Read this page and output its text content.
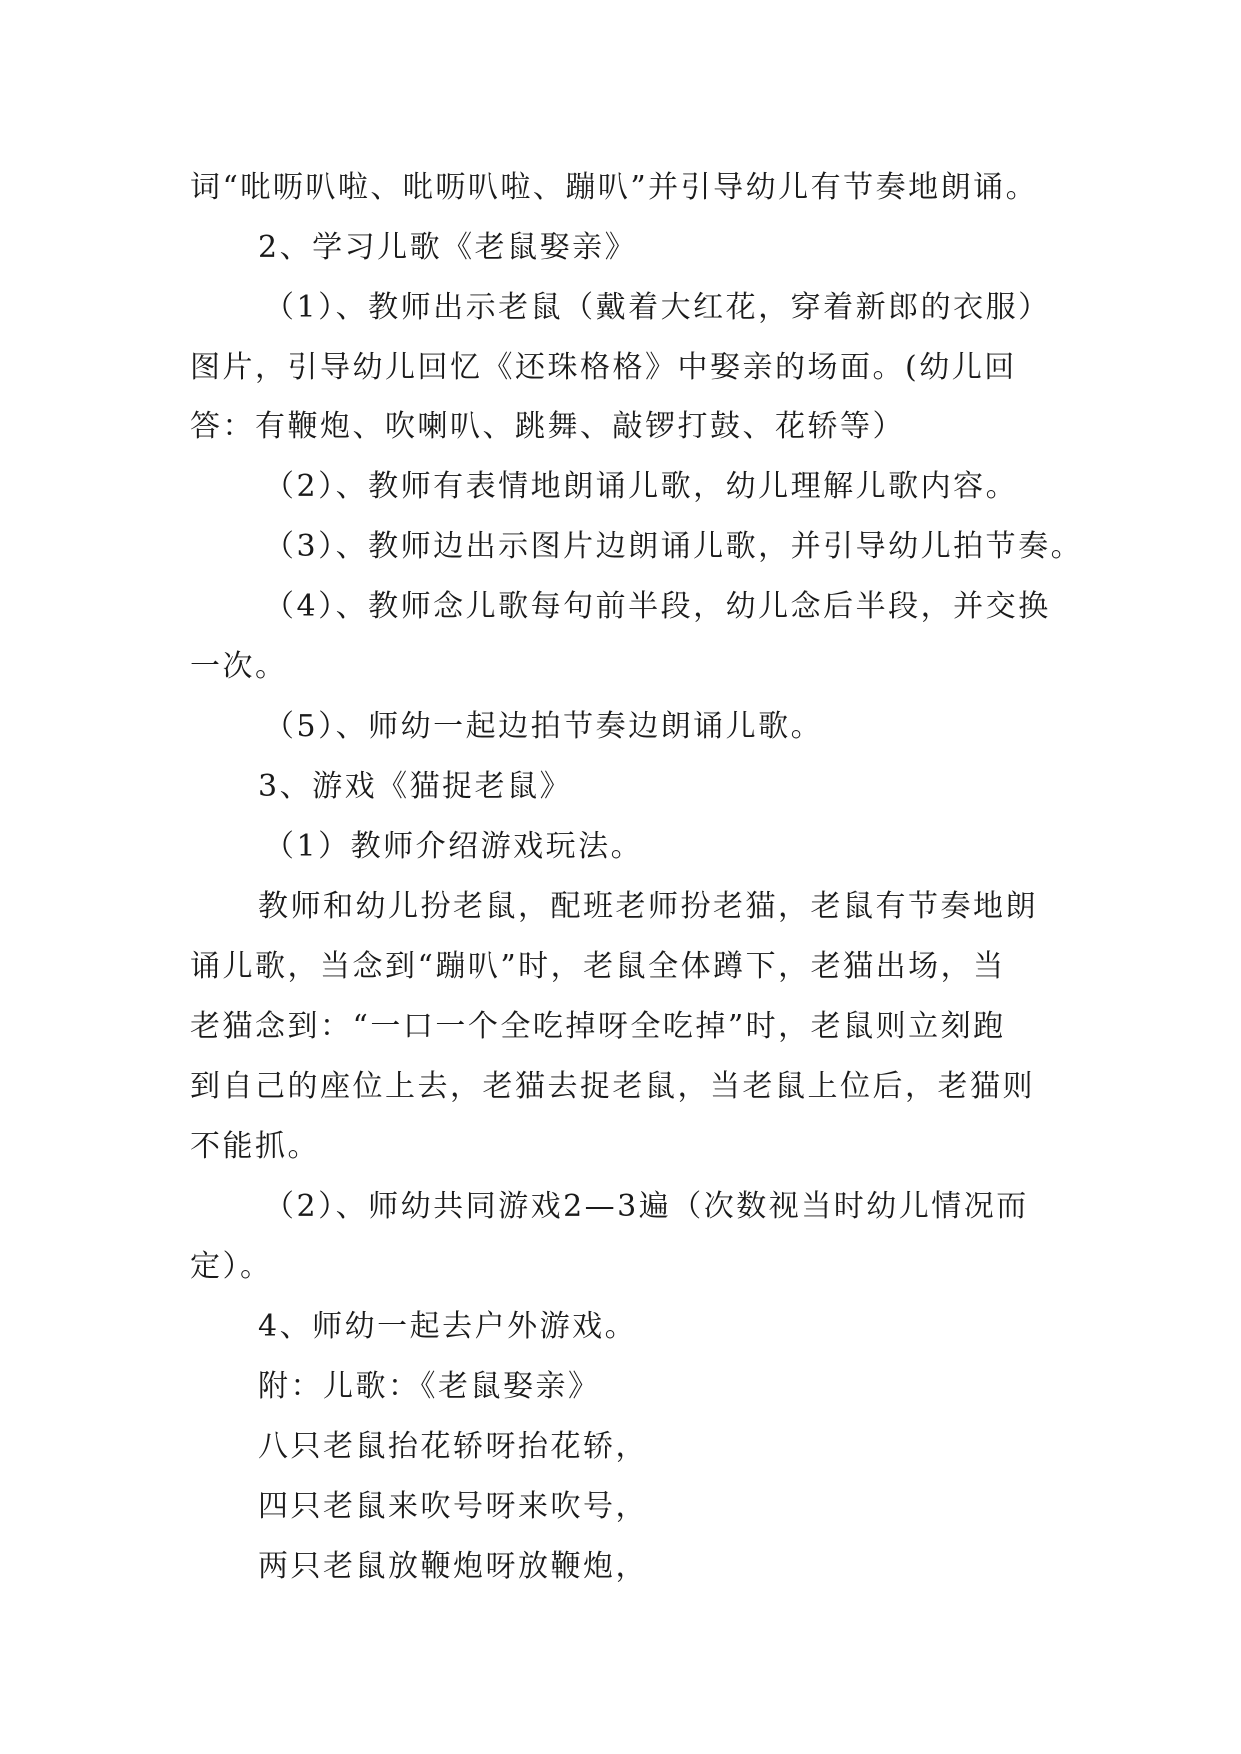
词“吡呖叭啦、吡呖叭啦、蹦叭”并引导幼儿有节奏地朗诵。
2、学习儿歌《老鼠娶亲》
（1）、教师出示老鼠（戴着大红花，穿着新郎的衣服）
图片，引导幼儿回忆《还珠格格》中娶亲的场面。(幼儿回
答：有鞭炮、吹喇叭、跳舞、敲锣打鼓、花轿等）
（2）、教师有表情地朗诵儿歌，幼儿理解儿歌内容。
（3）、教师边出示图片边朗诵儿歌，并引导幼儿拍节奏。
（4）、教师念儿歌每句前半段，幼儿念后半段，并交换
一次。
（5）、师幼一起边拍节奏边朗诵儿歌。
3、游戏《猫捉老鼠》
（1）教师介绍游戏玩法。
教师和幼儿扮老鼠，配班老师扮老猫，老鼠有节奏地朗
诵儿歌，当念到“蹦叭”时，老鼠全体蹲下，老猫出场，当
老猫念到：“一口一个全吃掉呀全吃掉”时，老鼠则立刻跑
到自己的座位上去，老猫去捉老鼠，当老鼠上位后，老猫则
不能抓。
（2）、师幼共同游戏2—3遍（次数视当时幼儿情况而
定）。
4、师幼一起去户外游戏。
附：儿歌：《老鼠娶亲》
八只老鼠抬花轿呀抬花轿，
四只老鼠来吹号呀来吹号，
两只老鼠放鞭炮呀放鞭炮，
